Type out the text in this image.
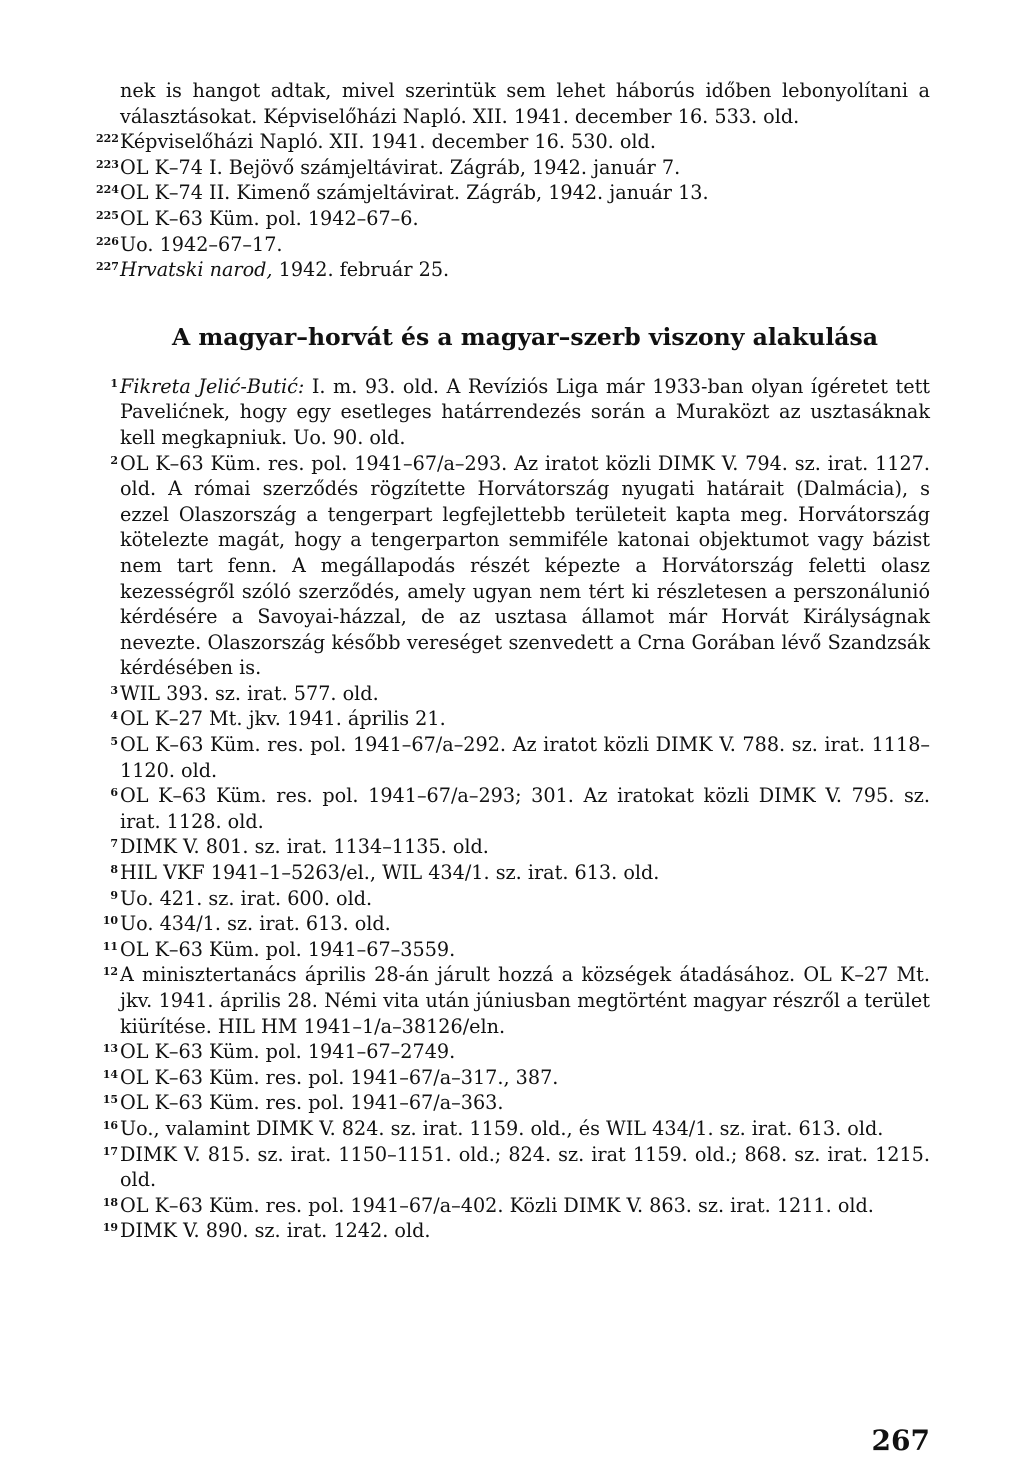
nek is hangot adtak, mivel szerintük sem lehet háborús időben lebonyolítani a választásokat. Képviselőházi Napló. XII. 1941. december 16. 533. old.
222 Képviselőházi Napló. XII. 1941. december 16. 530. old.
223 OL K–74 I. Bejövő számjeltávirat. Zágráb, 1942. január 7.
224 OL K–74 II. Kimenő számjeltávirat. Zágráb, 1942. január 13.
225 OL K–63 Küm. pol. 1942–67–6.
226 Uo. 1942–67–17.
227 Hrvatski narod, 1942. február 25.
A magyar–horvát és a magyar–szerb viszony alakulása
1 Fikreta Jelić-Butić: I. m. 93. old. A Revíziós Liga már 1933-ban olyan ígéretet tett Pavelićnek, hogy egy esetleges határrendezés során a Muraközt az usztasáknak kell megkapniuk. Uo. 90. old.
2 OL K–63 Küm. res. pol. 1941–67/a–293. Az iratot közli DIMK V. 794. sz. irat. 1127. old. A római szerződés rögzítette Horvátország nyugati határait (Dalmácia), s ezzel Olaszország a tengerpart legfejlettebb területeit kapta meg. Horvátország kötelezte magát, hogy a tengerparton semmiféle katonai objektumot vagy bázist nem tart fenn. A megállapodás részét képezte a Horvátország feletti olasz kezességről szóló szerződés, amely ugyan nem tért ki részletesen a perszonálunió kérdésére a Savoyai-házzal, de az usztasa államot már Horvát Királyságnak nevezte. Olaszország később vereséget szenvedett a Crna Gorában lévő Szandzsák kérdésében is.
3 WIL 393. sz. irat. 577. old.
4 OL K–27 Mt. jkv. 1941. április 21.
5 OL K–63 Küm. res. pol. 1941–67/a–292. Az iratot közli DIMK V. 788. sz. irat. 1118–1120. old.
6 OL K–63 Küm. res. pol. 1941–67/a–293; 301. Az iratokat közli DIMK V. 795. sz. irat. 1128. old.
7 DIMK V. 801. sz. irat. 1134–1135. old.
8 HIL VKF 1941–1–5263/el., WIL 434/1. sz. irat. 613. old.
9 Uo. 421. sz. irat. 600. old.
10 Uo. 434/1. sz. irat. 613. old.
11 OL K–63 Küm. pol. 1941–67–3559.
12 A minisztertanács április 28-án járult hozzá a községek átadásához. OL K–27 Mt. jkv. 1941. április 28. Némi vita után júniusban megtörtént magyar részről a terület kiürítése. HIL HM 1941–1/a–38126/eln.
13 OL K–63 Küm. pol. 1941–67–2749.
14 OL K–63 Küm. res. pol. 1941–67/a–317., 387.
15 OL K–63 Küm. res. pol. 1941–67/a–363.
16 Uo., valamint DIMK V. 824. sz. irat. 1159. old., és WIL 434/1. sz. irat. 613. old.
17 DIMK V. 815. sz. irat. 1150–1151. old.; 824. sz. irat 1159. old.; 868. sz. irat. 1215. old.
18 OL K–63 Küm. res. pol. 1941–67/a–402. Közli DIMK V. 863. sz. irat. 1211. old.
19 DIMK V. 890. sz. irat. 1242. old.
267
